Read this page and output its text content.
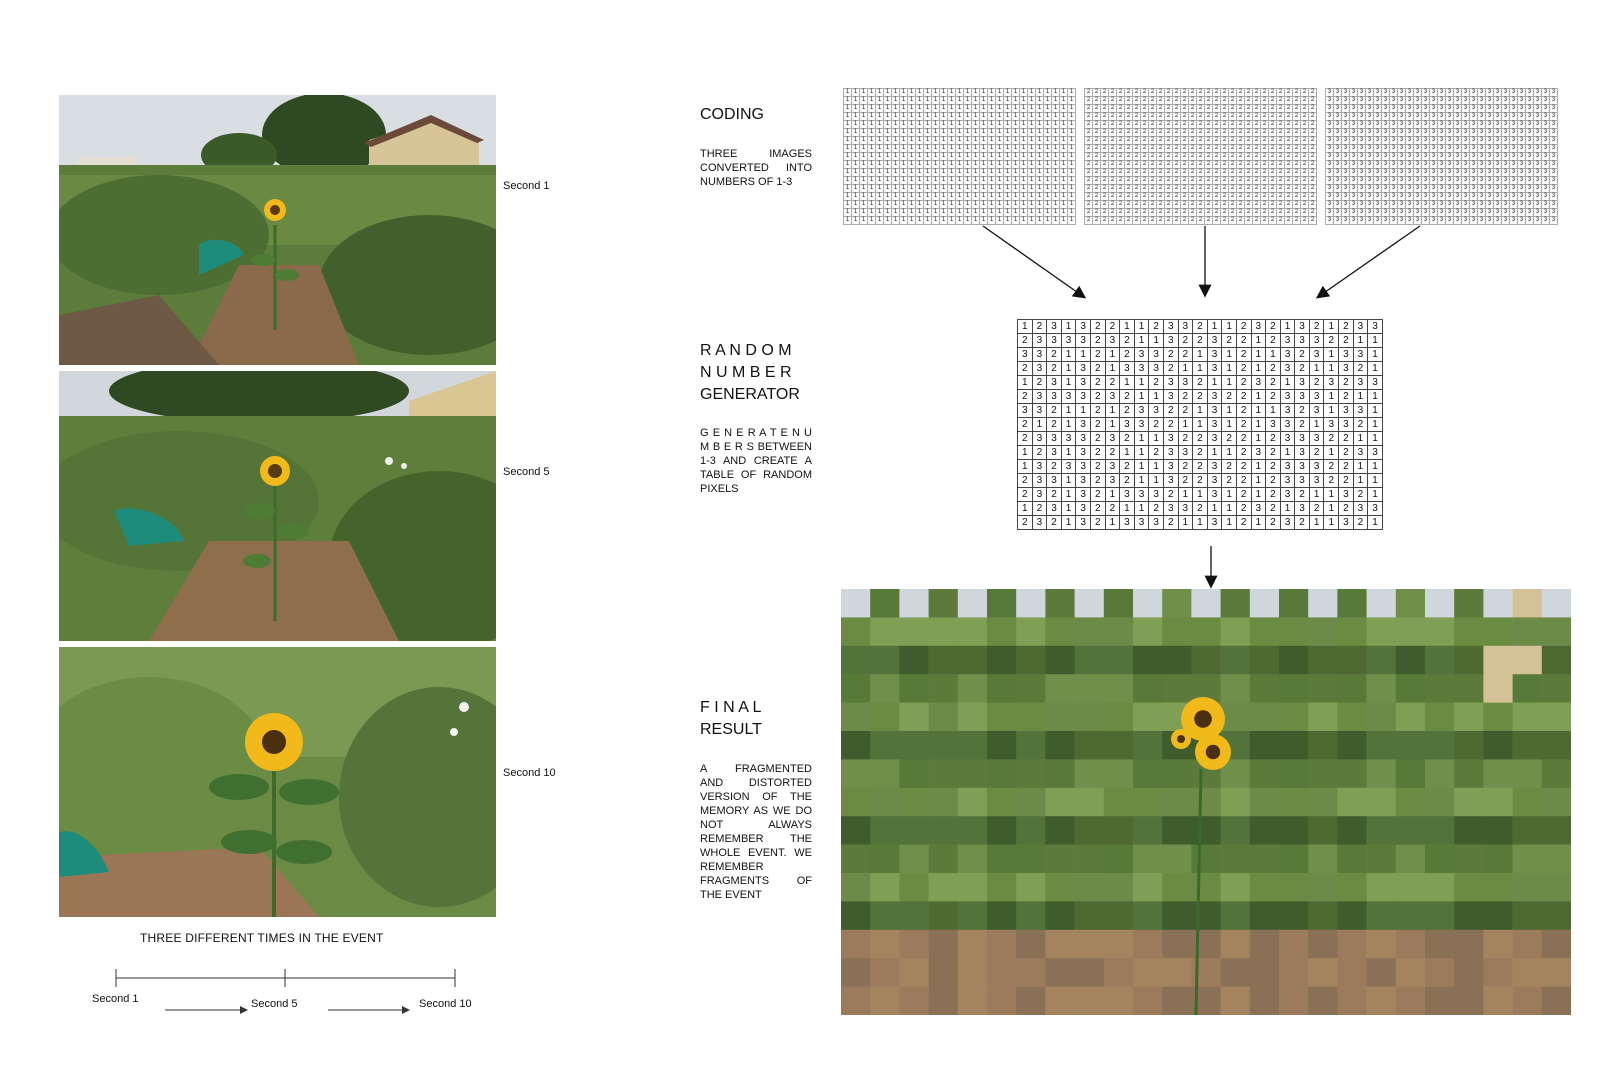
Second 1
Second 5
Second 10
THREE DIFFERENT TIMES IN THE EVENT
Second 1	Second 5	Second 10
CODING
THREE IMAGES CONVERTED INTO NUMBERS OF 1-3
R A N D O M
N U M B E R
GENERATOR
G E N E R A T E N U M B E R S BETWEEN 1-3 AND CREATE A TABLE OF RANDOM PIXELS
F I N A L
RESULT
A FRAGMENTED AND DISTORTED VERSION OF THE MEMORY AS WE DO NOT ALWAYS REMEMBER THE WHOLE EVENT. WE REMEMBER FRAGMENTS OF THE EVENT
1	1	1	1	1	1	1	1	1	1	1	1	1	1	1	1	1	1	1	1	1	1	1	1	1	1	1	1	1
1	1	1	1	1	1	1	1	1	1	1	1	1	1	1	1	1	1	1	1	1	1	1	1	1	1	1	1	1
1	1	1	1	1	1	1	1	1	1	1	1	1	1	1	1	1	1	1	1	1	1	1	1	1	1	1	1	1
1	1	1	1	1	1	1	1	1	1	1	1	1	1	1	1	1	1	1	1	1	1	1	1	1	1	1	1	1
1	1	1	1	1	1	1	1	1	1	1	1	1	1	1	1	1	1	1	1	1	1	1	1	1	1	1	1	1
1	1	1	1	1	1	1	1	1	1	1	1	1	1	1	1	1	1	1	1	1	1	1	1	1	1	1	1	1
1	1	1	1	1	1	1	1	1	1	1	1	1	1	1	1	1	1	1	1	1	1	1	1	1	1	1	1	1
1	1	1	1	1	1	1	1	1	1	1	1	1	1	1	1	1	1	1	1	1	1	1	1	1	1	1	1	1
1	1	1	1	1	1	1	1	1	1	1	1	1	1	1	1	1	1	1	1	1	1	1	1	1	1	1	1	1
1	1	1	1	1	1	1	1	1	1	1	1	1	1	1	1	1	1	1	1	1	1	1	1	1	1	1	1	1
1	1	1	1	1	1	1	1	1	1	1	1	1	1	1	1	1	1	1	1	1	1	1	1	1	1	1	1	1
1	1	1	1	1	1	1	1	1	1	1	1	1	1	1	1	1	1	1	1	1	1	1	1	1	1	1	1	1
1	1	1	1	1	1	1	1	1	1	1	1	1	1	1	1	1	1	1	1	1	1	1	1	1	1	1	1	1
1	1	1	1	1	1	1	1	1	1	1	1	1	1	1	1	1	1	1	1	1	1	1	1	1	1	1	1	1
1	1	1	1	1	1	1	1	1	1	1	1	1	1	1	1	1	1	1	1	1	1	1	1	1	1	1	1	1
1	1	1	1	1	1	1	1	1	1	1	1	1	1	1	1	1	1	1	1	1	1	1	1	1	1	1	1	1
1	1	1	1	1	1	1	1	1	1	1	1	1	1	1	1	1	1	1	1	1	1	1	1	1	1	1	1	1
2	2	2	2	2	2	2	2	2	2	2	2	2	2	2	2	2	2	2	2	2	2	2	2	2	2	2	2	2
2	2	2	2	2	2	2	2	2	2	2	2	2	2	2	2	2	2	2	2	2	2	2	2	2	2	2	2	2
2	2	2	2	2	2	2	2	2	2	2	2	2	2	2	2	2	2	2	2	2	2	2	2	2	2	2	2	2
2	2	2	2	2	2	2	2	2	2	2	2	2	2	2	2	2	2	2	2	2	2	2	2	2	2	2	2	2
2	2	2	2	2	2	2	2	2	2	2	2	2	2	2	2	2	2	2	2	2	2	2	2	2	2	2	2	2
2	2	2	2	2	2	2	2	2	2	2	2	2	2	2	2	2	2	2	2	2	2	2	2	2	2	2	2	2
2	2	2	2	2	2	2	2	2	2	2	2	2	2	2	2	2	2	2	2	2	2	2	2	2	2	2	2	2
2	2	2	2	2	2	2	2	2	2	2	2	2	2	2	2	2	2	2	2	2	2	2	2	2	2	2	2	2
2	2	2	2	2	2	2	2	2	2	2	2	2	2	2	2	2	2	2	2	2	2	2	2	2	2	2	2	2
2	2	2	2	2	2	2	2	2	2	2	2	2	2	2	2	2	2	2	2	2	2	2	2	2	2	2	2	2
2	2	2	2	2	2	2	2	2	2	2	2	2	2	2	2	2	2	2	2	2	2	2	2	2	2	2	2	2
2	2	2	2	2	2	2	2	2	2	2	2	2	2	2	2	2	2	2	2	2	2	2	2	2	2	2	2	2
2	2	2	2	2	2	2	2	2	2	2	2	2	2	2	2	2	2	2	2	2	2	2	2	2	2	2	2	2
2	2	2	2	2	2	2	2	2	2	2	2	2	2	2	2	2	2	2	2	2	2	2	2	2	2	2	2	2
2	2	2	2	2	2	2	2	2	2	2	2	2	2	2	2	2	2	2	2	2	2	2	2	2	2	2	2	2
2	2	2	2	2	2	2	2	2	2	2	2	2	2	2	2	2	2	2	2	2	2	2	2	2	2	2	2	2
2	2	2	2	2	2	2	2	2	2	2	2	2	2	2	2	2	2	2	2	2	2	2	2	2	2	2	2	2
3	3	3	3	3	3	3	3	3	3	3	3	3	3	3	3	3	3	3	3	3	3	3	3	3	3	3	3	3
3	3	3	3	3	3	3	3	3	3	3	3	3	3	3	3	3	3	3	3	3	3	3	3	3	3	3	3	3
3	3	3	3	3	3	3	3	3	3	3	3	3	3	3	3	3	3	3	3	3	3	3	3	3	3	3	3	3
3	3	3	3	3	3	3	3	3	3	3	3	3	3	3	3	3	3	3	3	3	3	3	3	3	3	3	3	3
3	3	3	3	3	3	3	3	3	3	3	3	3	3	3	3	3	3	3	3	3	3	3	3	3	3	3	3	3
3	3	3	3	3	3	3	3	3	3	3	3	3	3	3	3	3	3	3	3	3	3	3	3	3	3	3	3	3
3	3	3	3	3	3	3	3	3	3	3	3	3	3	3	3	3	3	3	3	3	3	3	3	3	3	3	3	3
3	3	3	3	3	3	3	3	3	3	3	3	3	3	3	3	3	3	3	3	3	3	3	3	3	3	3	3	3
3	3	3	3	3	3	3	3	3	3	3	3	3	3	3	3	3	3	3	3	3	3	3	3	3	3	3	3	3
3	3	3	3	3	3	3	3	3	3	3	3	3	3	3	3	3	3	3	3	3	3	3	3	3	3	3	3	3
3	3	3	3	3	3	3	3	3	3	3	3	3	3	3	3	3	3	3	3	3	3	3	3	3	3	3	3	3
3	3	3	3	3	3	3	3	3	3	3	3	3	3	3	3	3	3	3	3	3	3	3	3	3	3	3	3	3
3	3	3	3	3	3	3	3	3	3	3	3	3	3	3	3	3	3	3	3	3	3	3	3	3	3	3	3	3
3	3	3	3	3	3	3	3	3	3	3	3	3	3	3	3	3	3	3	3	3	3	3	3	3	3	3	3	3
3	3	3	3	3	3	3	3	3	3	3	3	3	3	3	3	3	3	3	3	3	3	3	3	3	3	3	3	3
3	3	3	3	3	3	3	3	3	3	3	3	3	3	3	3	3	3	3	3	3	3	3	3	3	3	3	3	3
3	3	3	3	3	3	3	3	3	3	3	3	3	3	3	3	3	3	3	3	3	3	3	3	3	3	3	3	3
1	2	3	1	3	2	2	1	1	2	3	3	2	1	1	2	3	2	1	3	2	1	2	3	3
2	3	3	3	3	2	3	2	1	1	3	2	2	3	2	2	1	2	3	3	3	2	2	1	1
3	3	2	1	1	2	1	2	3	3	2	2	1	3	1	2	1	1	3	2	3	1	3	3	1
2	3	2	1	3	2	1	3	3	3	2	1	1	3	1	2	1	2	3	2	1	1	3	2	1
1	2	3	1	3	2	2	1	1	2	3	3	2	1	1	2	3	2	1	3	2	3	2	3	3
2	3	3	3	3	2	3	2	1	1	3	2	2	3	2	2	1	2	3	3	3	1	2	1	1
3	3	2	1	1	2	1	2	3	3	2	2	1	3	1	2	1	1	3	2	3	1	3	3	1
2	1	2	1	3	2	1	3	3	2	2	1	1	3	1	2	1	3	3	2	1	3	3	2	1
2	3	3	3	3	2	3	2	1	1	3	2	2	3	2	2	1	2	3	3	3	2	2	1	1
1	2	3	1	3	2	2	1	1	2	3	3	2	1	1	2	3	2	1	3	2	1	2	3	3
1	3	2	3	3	2	3	2	1	1	3	2	2	3	2	2	1	2	3	3	3	2	2	1	1
2	3	3	1	3	2	3	2	1	1	3	2	2	3	2	2	1	2	3	3	3	2	2	1	1
2	3	2	1	3	2	1	3	3	3	2	1	1	3	1	2	1	2	3	2	1	1	3	2	1
1	2	3	1	3	2	2	1	1	2	3	3	2	1	1	2	3	2	1	3	2	1	2	3	3
2	3	2	1	3	2	1	3	3	3	2	1	1	3	1	2	1	2	3	2	1	1	3	2	1
